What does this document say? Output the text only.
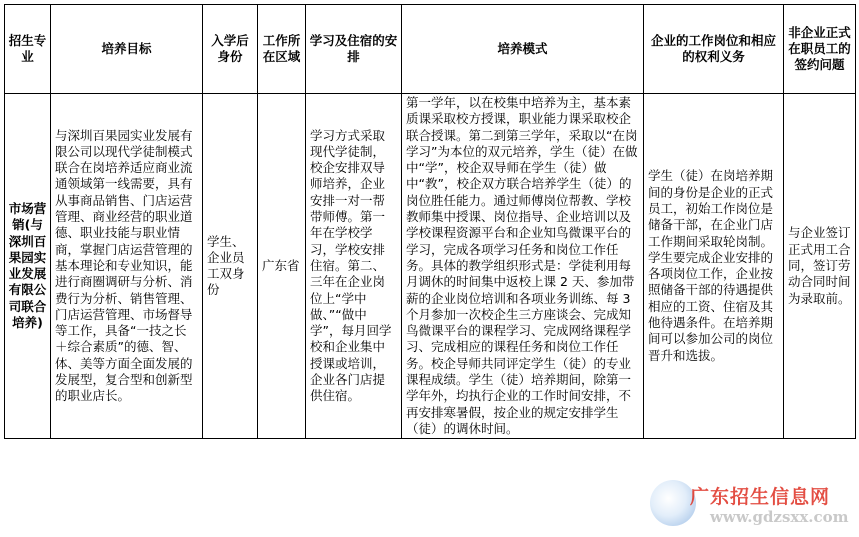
招生专业	培养目标	入学后身份	工作所在区域	学习及住宿的安排	培养模式	企业的工作岗位和相应的权利义务	非企业正式在职员工的签约问题
市场营销(与深圳百果园实业发展有限公司联合培养)	与深圳百果园实业发展有限公司以现代学徒制模式联合在岗培养适应商业流通领域第一线需要，具有从事商品销售、门店运营管理、商业经营的职业道德、职业技能与职业情商，掌握门店运营管理的基本理论和专业知识，能进行商圈调研与分析、消费行为分析、销售管理、门店运营管理、市场督导等工作，具备“一技之长＋综合素质”的德、智、体、美等方面全面发展的发展型，复合型和创新型的职业店长。	学生、企业员工双身份	广东省	学习方式采取现代学徒制，校企安排双导师培养，企业安排一对一帮带师傅。第一年在学校学习，学校安排住宿。第二、三年在企业岗位上“学中做、”“做中学”，每月回学校和企业集中授课或培训，企业各门店提供住宿。	第一学年，以在校集中培养为主，基本素质课采取校方授课，职业能力课采取校企联合授课。第二到第三学年，采取以“在岗学习”为本位的双元培养，学生（徒）在做中“学”，校企双导师在学生（徒）做中“教”，校企双方联合培养学生（徒）的岗位胜任能力。通过师傅岗位帮教、学校教师集中授课、岗位指导、企业培训以及学校课程资源平台和企业知鸟微课平台的学习，完成各项学习任务和岗位工作任务。具体的教学组织形式是：学徒利用每月调休的时间集中返校上课 2 天、参加带薪的企业岗位培训和各项业务训练、每 3 个月参加一次校企生三方座谈会、完成知鸟微课平台的课程学习、完成网络课程学习、完成相应的课程任务和岗位工作任务。校企导师共同评定学生（徒）的专业课程成绩。学生（徒）培养期间，除第一学年外，均执行企业的工作时间安排，不再安排寒暑假，按企业的规定安排学生（徒）的调休时间。	学生（徒）在岗培养期间的身份是企业的正式员工，初始工作岗位是储备干部，在企业门店工作期间采取轮岗制。学生要完成企业安排的各项岗位工作，企业按照储备干部的待遇提供相应的工资、住宿及其他待遇条件。在培养期间可以参加公司的岗位晋升和选拔。	与企业签订正式用工合同，签订劳动合同时间为录取前。
广东招生信息网
www.gdzsxx.com
